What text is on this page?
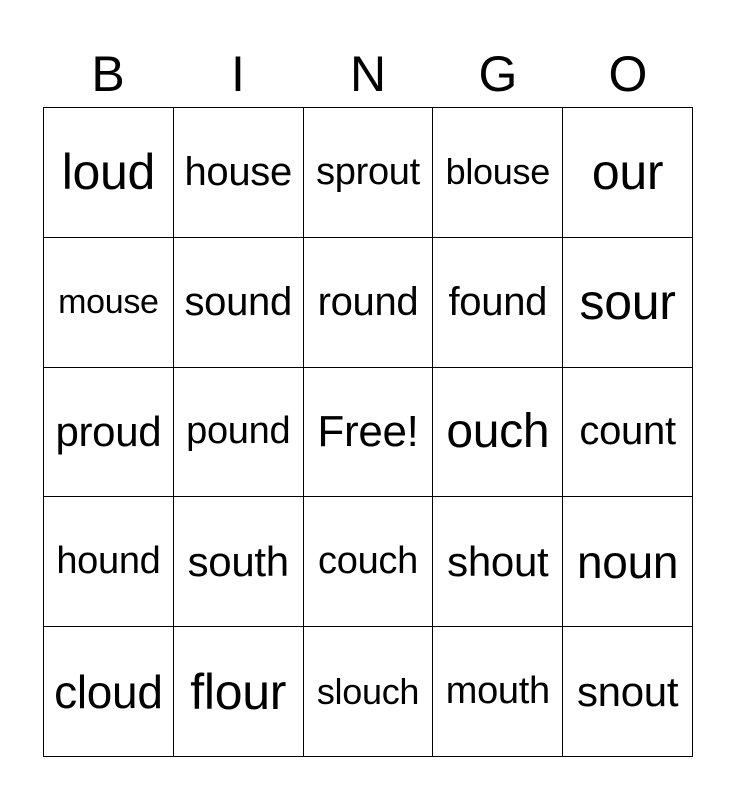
B	I	N	G	O
loud house sprout blouse our
mouse sound round found sour
proud pound Free! ouch count
hound south couch shout noun
cloud flour slouch mouth snout
